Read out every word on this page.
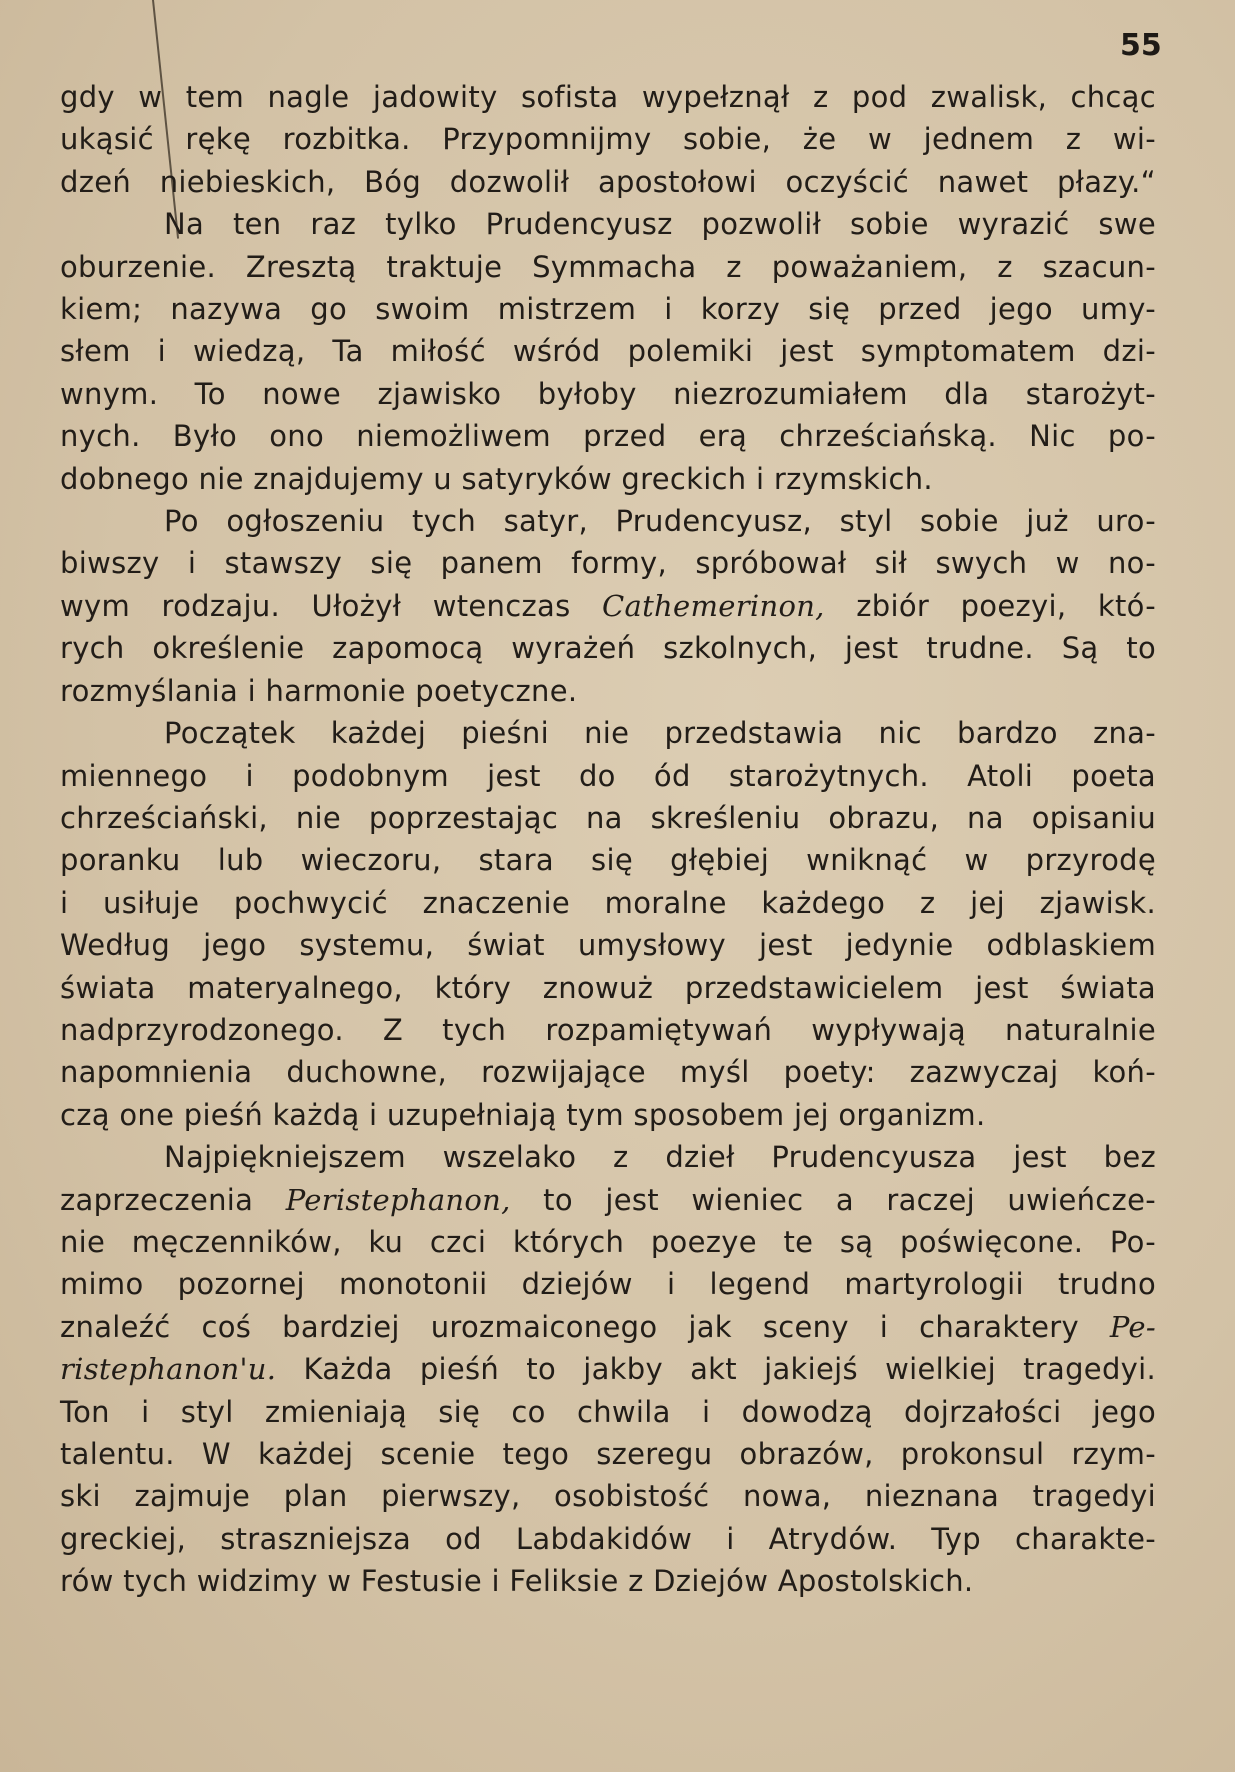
55
gdy w tem nagle jadowity sofista wypełznął z pod zwalisk, chcąc
ukąsić rękę rozbitka. Przypomnijmy sobie, że w jednem z wi-
dzeń niebieskich, Bóg dozwolił apostołowi oczyścić nawet płazy.“
Na ten raz tylko Prudencyusz pozwolił sobie wyrazić swe
oburzenie. Zresztą traktuje Symmacha z poważaniem, z szacun-
kiem; nazywa go swoim mistrzem i korzy się przed jego umy-
słem i wiedzą, Ta miłość wśród polemiki jest symptomatem dzi-
wnym. To nowe zjawisko byłoby niezrozumiałem dla starożyt-
nych. Było ono niemożliwem przed erą chrześciańską. Nic po-
dobnego nie znajdujemy u satyryków greckich i rzymskich.
Po ogłoszeniu tych satyr, Prudencyusz, styl sobie już uro-
biwszy i stawszy się panem formy, spróbował sił swych w no-
wym rodzaju. Ułożył wtenczas Cathemerinon, zbiór poezyi, któ-
rych określenie zapomocą wyrażeń szkolnych, jest trudne. Są to
rozmyślania i harmonie poetyczne.
Początek każdej pieśni nie przedstawia nic bardzo zna-
miennego i podobnym jest do ód starożytnych. Atoli poeta
chrześciański, nie poprzestając na skreśleniu obrazu, na opisaniu
poranku lub wieczoru, stara się głębiej wniknąć w przyrodę
i usiłuje pochwycić znaczenie moralne każdego z jej zjawisk.
Według jego systemu, świat umysłowy jest jedynie odblaskiem
świata materyalnego, który znowuż przedstawicielem jest świata
nadprzyrodzonego. Z tych rozpamiętywań wypływają naturalnie
napomnienia duchowne, rozwijające myśl poety: zazwyczaj koń-
czą one pieśń każdą i uzupełniają tym sposobem jej organizm.
Najpiękniejszem wszelako z dzieł Prudencyusza jest bez
zaprzeczenia Peristephanon, to jest wieniec a raczej uwieńcze-
nie męczenników, ku czci których poezye te są poświęcone. Po-
mimo pozornej monotonii dziejów i legend martyrologii trudno
znaleźć coś bardziej urozmaiconego jak sceny i charaktery Pe-
ristephanon'u. Każda pieśń to jakby akt jakiejś wielkiej tragedyi.
Ton i styl zmieniają się co chwila i dowodzą dojrzałości jego
talentu. W każdej scenie tego szeregu obrazów, prokonsul rzym-
ski zajmuje plan pierwszy, osobistość nowa, nieznana tragedyi
greckiej, straszniejsza od Labdakidów i Atrydów. Typ charakte-
rów tych widzimy w Festusie i Feliksie z Dziejów Apostolskich.
